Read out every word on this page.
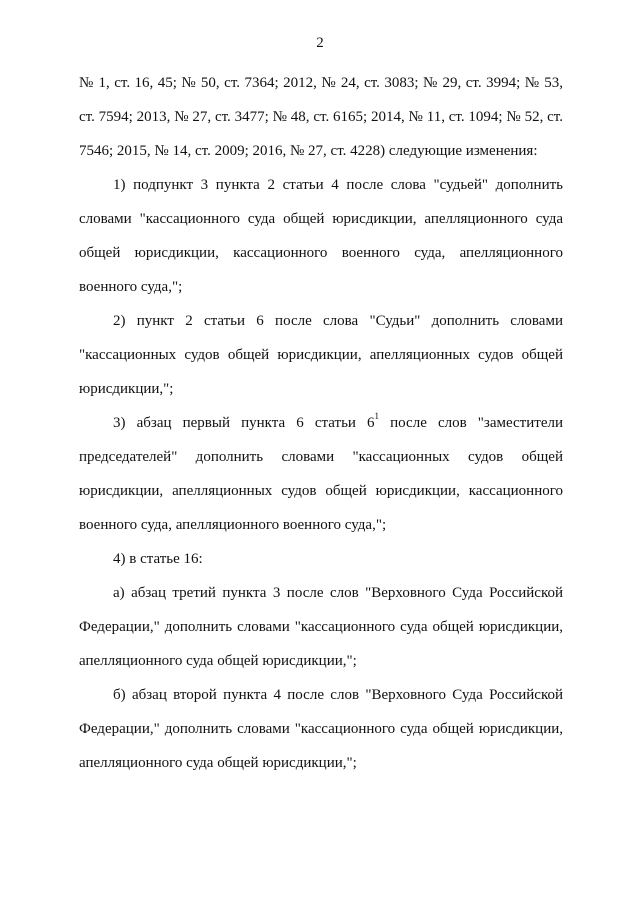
2

№ 1, ст. 16, 45; № 50, ст. 7364; 2012, № 24, ст. 3083; № 29, ст. 3994; № 53, ст. 7594; 2013, № 27, ст. 3477; № 48, ст. 6165; 2014, № 11, ст. 1094; № 52, ст. 7546; 2015, № 14, ст. 2009; 2016, № 27, ст. 4228) следующие изменения:

1) подпункт 3 пункта 2 статьи 4 после слова "судьей" дополнить словами "кассационного суда общей юрисдикции, апелляционного суда общей юрисдикции, кассационного военного суда, апелляционного военного суда,";

2) пункт 2 статьи 6 после слова "Судьи" дополнить словами "кассационных судов общей юрисдикции, апелляционных судов общей юрисдикции,";

3) абзац первый пункта 6 статьи $6^1$ после слов "заместители председателей" дополнить словами "кассационных судов общей юрисдикции, апелляционных судов общей юрисдикции, кассационного военного суда, апелляционного военного суда,";

4) в статье 16:

а) абзац третий пункта 3 после слов "Верховного Суда Российской Федерации," дополнить словами "кассационного суда общей юрисдикции, апелляционного суда общей юрисдикции,";

б) абзац второй пункта 4 после слов "Верховного Суда Российской Федерации," дополнить словами "кассационного суда общей юрисдикции, апелляционного суда общей юрисдикции,";
